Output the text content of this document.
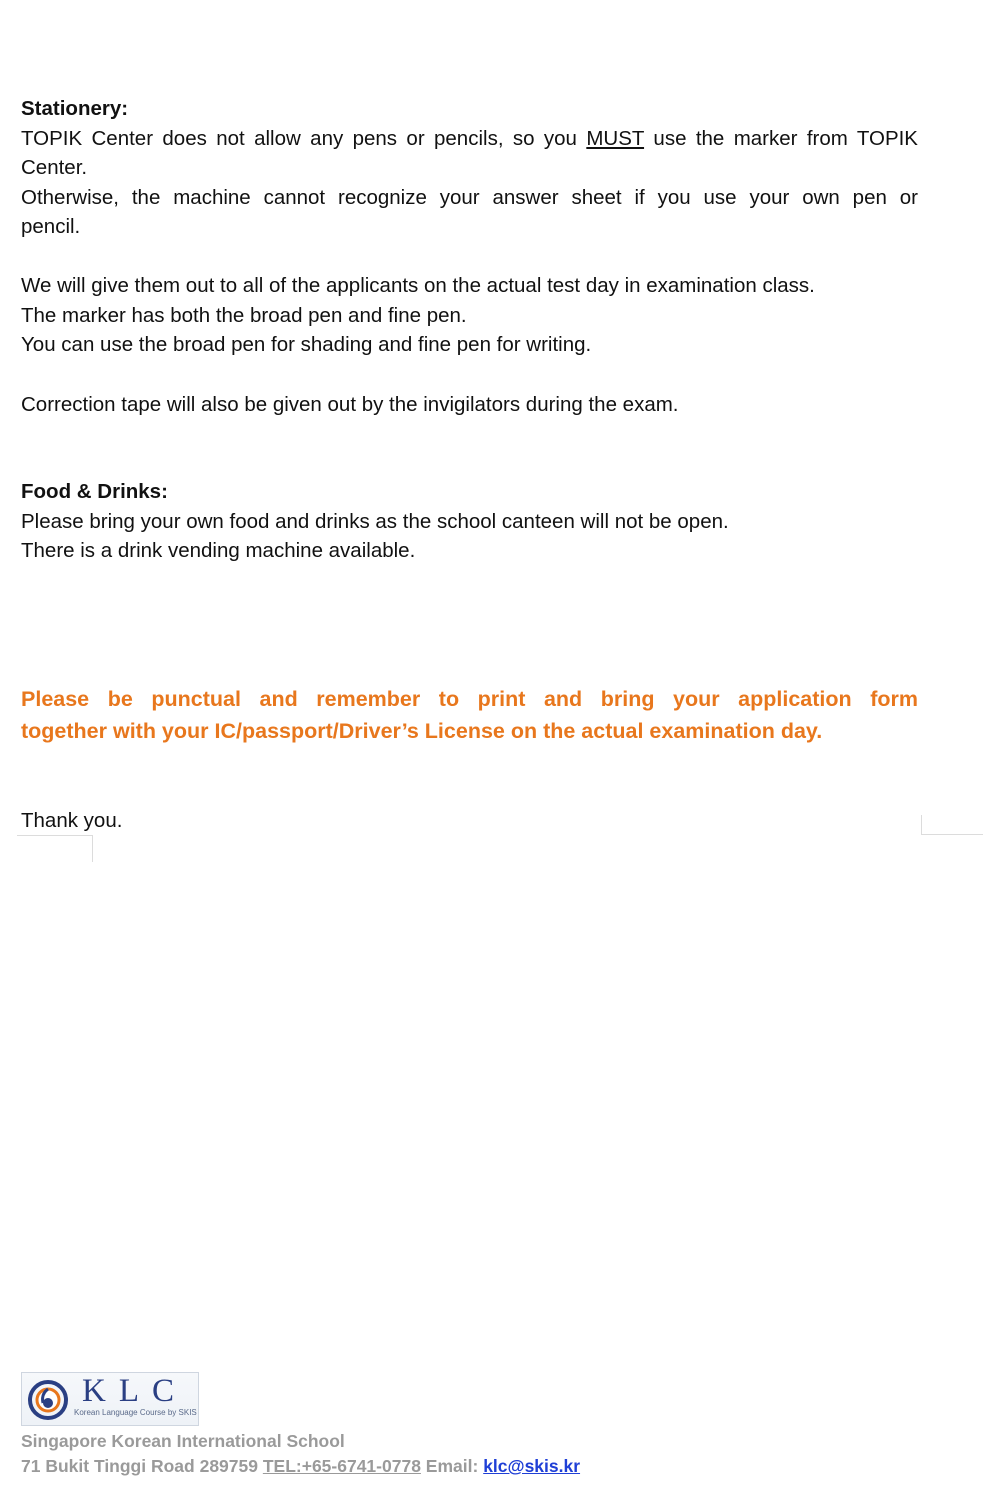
Stationery:
TOPIK Center does not allow any pens or pencils, so you MUST use the marker from TOPIK
Center.
Otherwise, the machine cannot recognize your answer sheet if you use your own pen or
pencil.
We will give them out to all of the applicants on the actual test day in examination class.
The marker has both the broad pen and fine pen.
You can use the broad pen for shading and fine pen for writing.
Correction tape will also be given out by the invigilators during the exam.
Food & Drinks:
Please bring your own food and drinks as the school canteen will not be open.
There is a drink vending machine available.
Please be punctual and remember to print and bring your application form
together with your IC/passport/Driver’s License on the actual examination day.
Thank you.
KLC
Korean Language Course by SKIS
Singapore Korean International School
71 Bukit Tinggi Road 289759 TEL:+65-6741-0778 Email: klc@skis.kr
